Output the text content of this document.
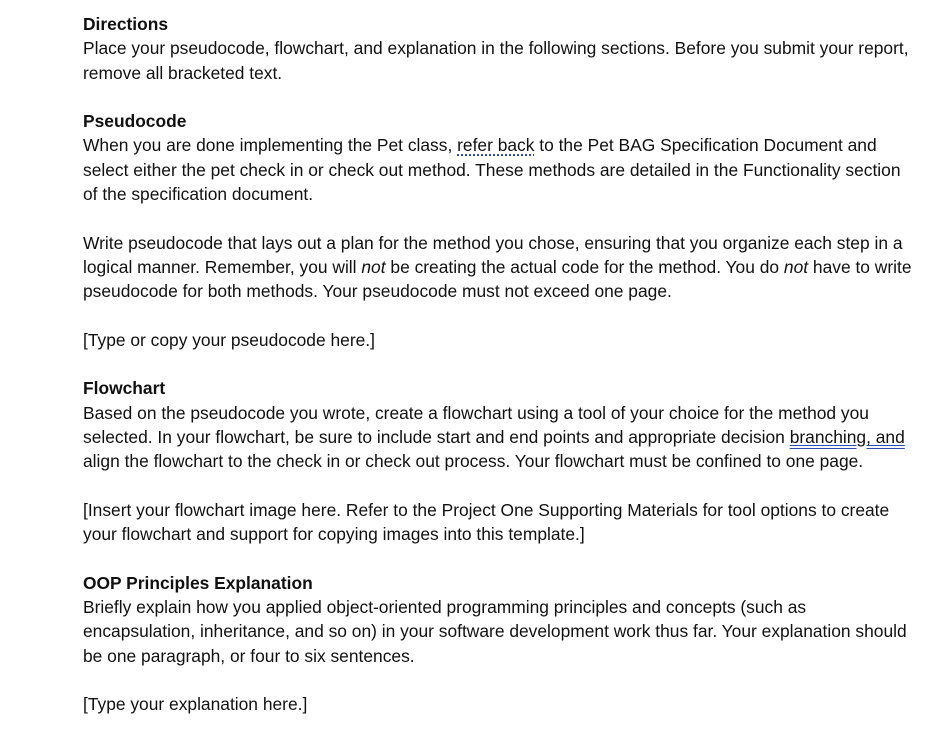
Directions

Place your pseudocode, flowchart, and explanation in the following sections. Before you submit your report, remove all bracketed text.

Pseudocode

When you are done implementing the Pet class, refer back to the Pet BAG Specification Document and select either the pet check in or check out method. These methods are detailed in the Functionality section of the specification document.

Write pseudocode that lays out a plan for the method you chose, ensuring that you organize each step in a logical manner. Remember, you will not be creating the actual code for the method. You do not have to write pseudocode for both methods. Your pseudocode must not exceed one page.

[Type or copy your pseudocode here.]

Flowchart

Based on the pseudocode you wrote, create a flowchart using a tool of your choice for the method you selected. In your flowchart, be sure to include start and end points and appropriate decision branching, and align the flowchart to the check in or check out process. Your flowchart must be confined to one page.

[Insert your flowchart image here. Refer to the Project One Supporting Materials for tool options to create your flowchart and support for copying images into this template.]

OOP Principles Explanation

Briefly explain how you applied object-oriented programming principles and concepts (such as encapsulation, inheritance, and so on) in your software development work thus far. Your explanation should be one paragraph, or four to six sentences.

[Type your explanation here.]
